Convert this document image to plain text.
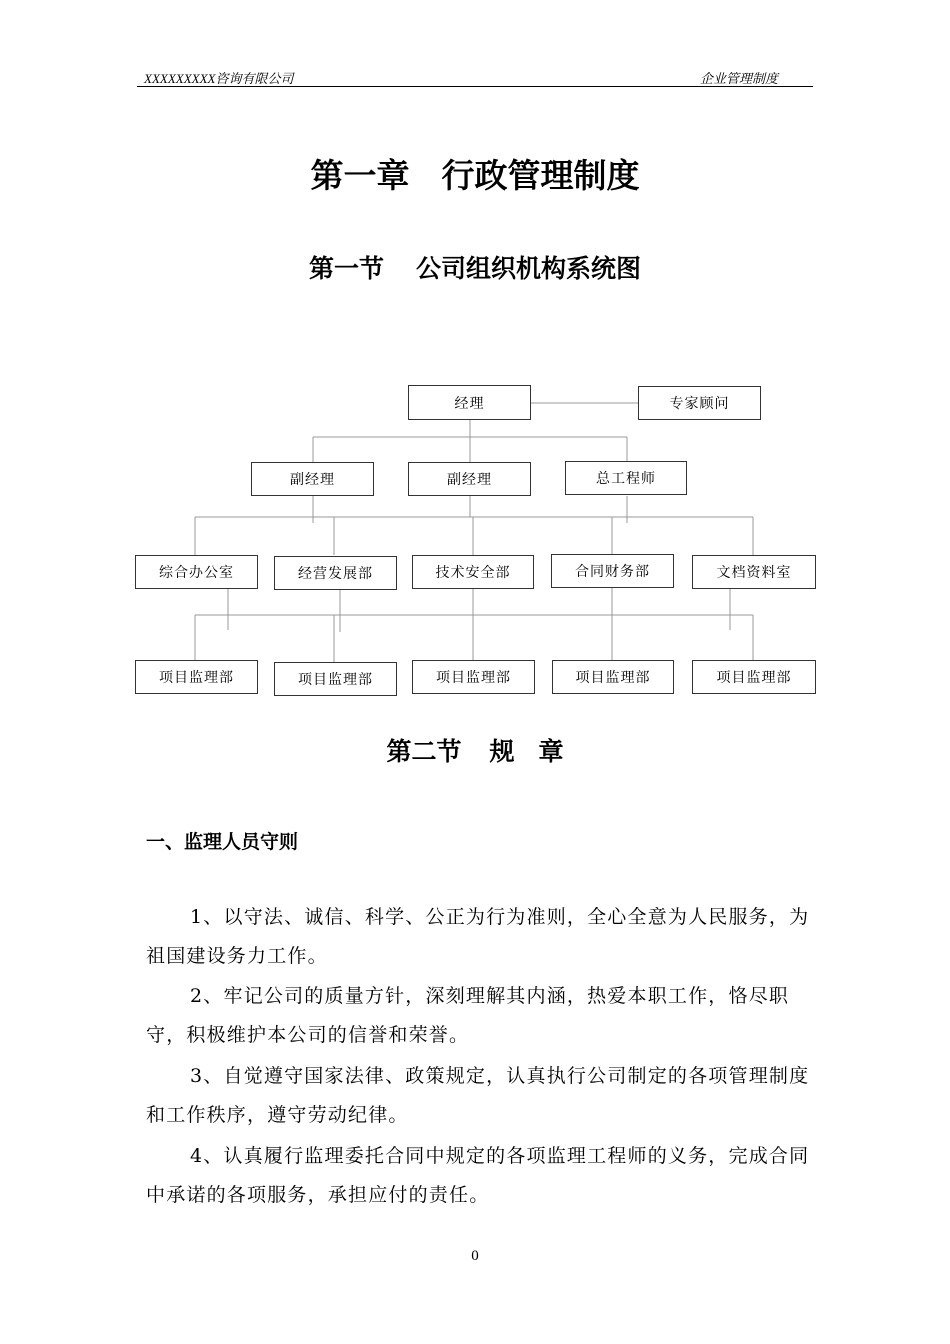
XXXXXXXXX咨询有限公司	企业管理制度
第一章 行政管理制度
第一节 公司组织机构系统图
经理	专家顾问
副经理	副经理	总工程师
综合办公室	经营发展部	技术安全部	合同财务部	文档资料室
项目监理部	项目监理部	项目监理部	项目监理部	项目监理部
第二节 规 章
一、监理人员守则
1、以守法、诚信、科学、公正为行为准则，全心全意为人民服务，为祖国建设务力工作。
2、牢记公司的质量方针，深刻理解其内涵，热爱本职工作，恪尽职守，积极维护本公司的信誉和荣誉。
3、自觉遵守国家法律、政策规定，认真执行公司制定的各项管理制度和工作秩序，遵守劳动纪律。
4、认真履行监理委托合同中规定的各项监理工程师的义务，完成合同中承诺的各项服务，承担应付的责任。
0
